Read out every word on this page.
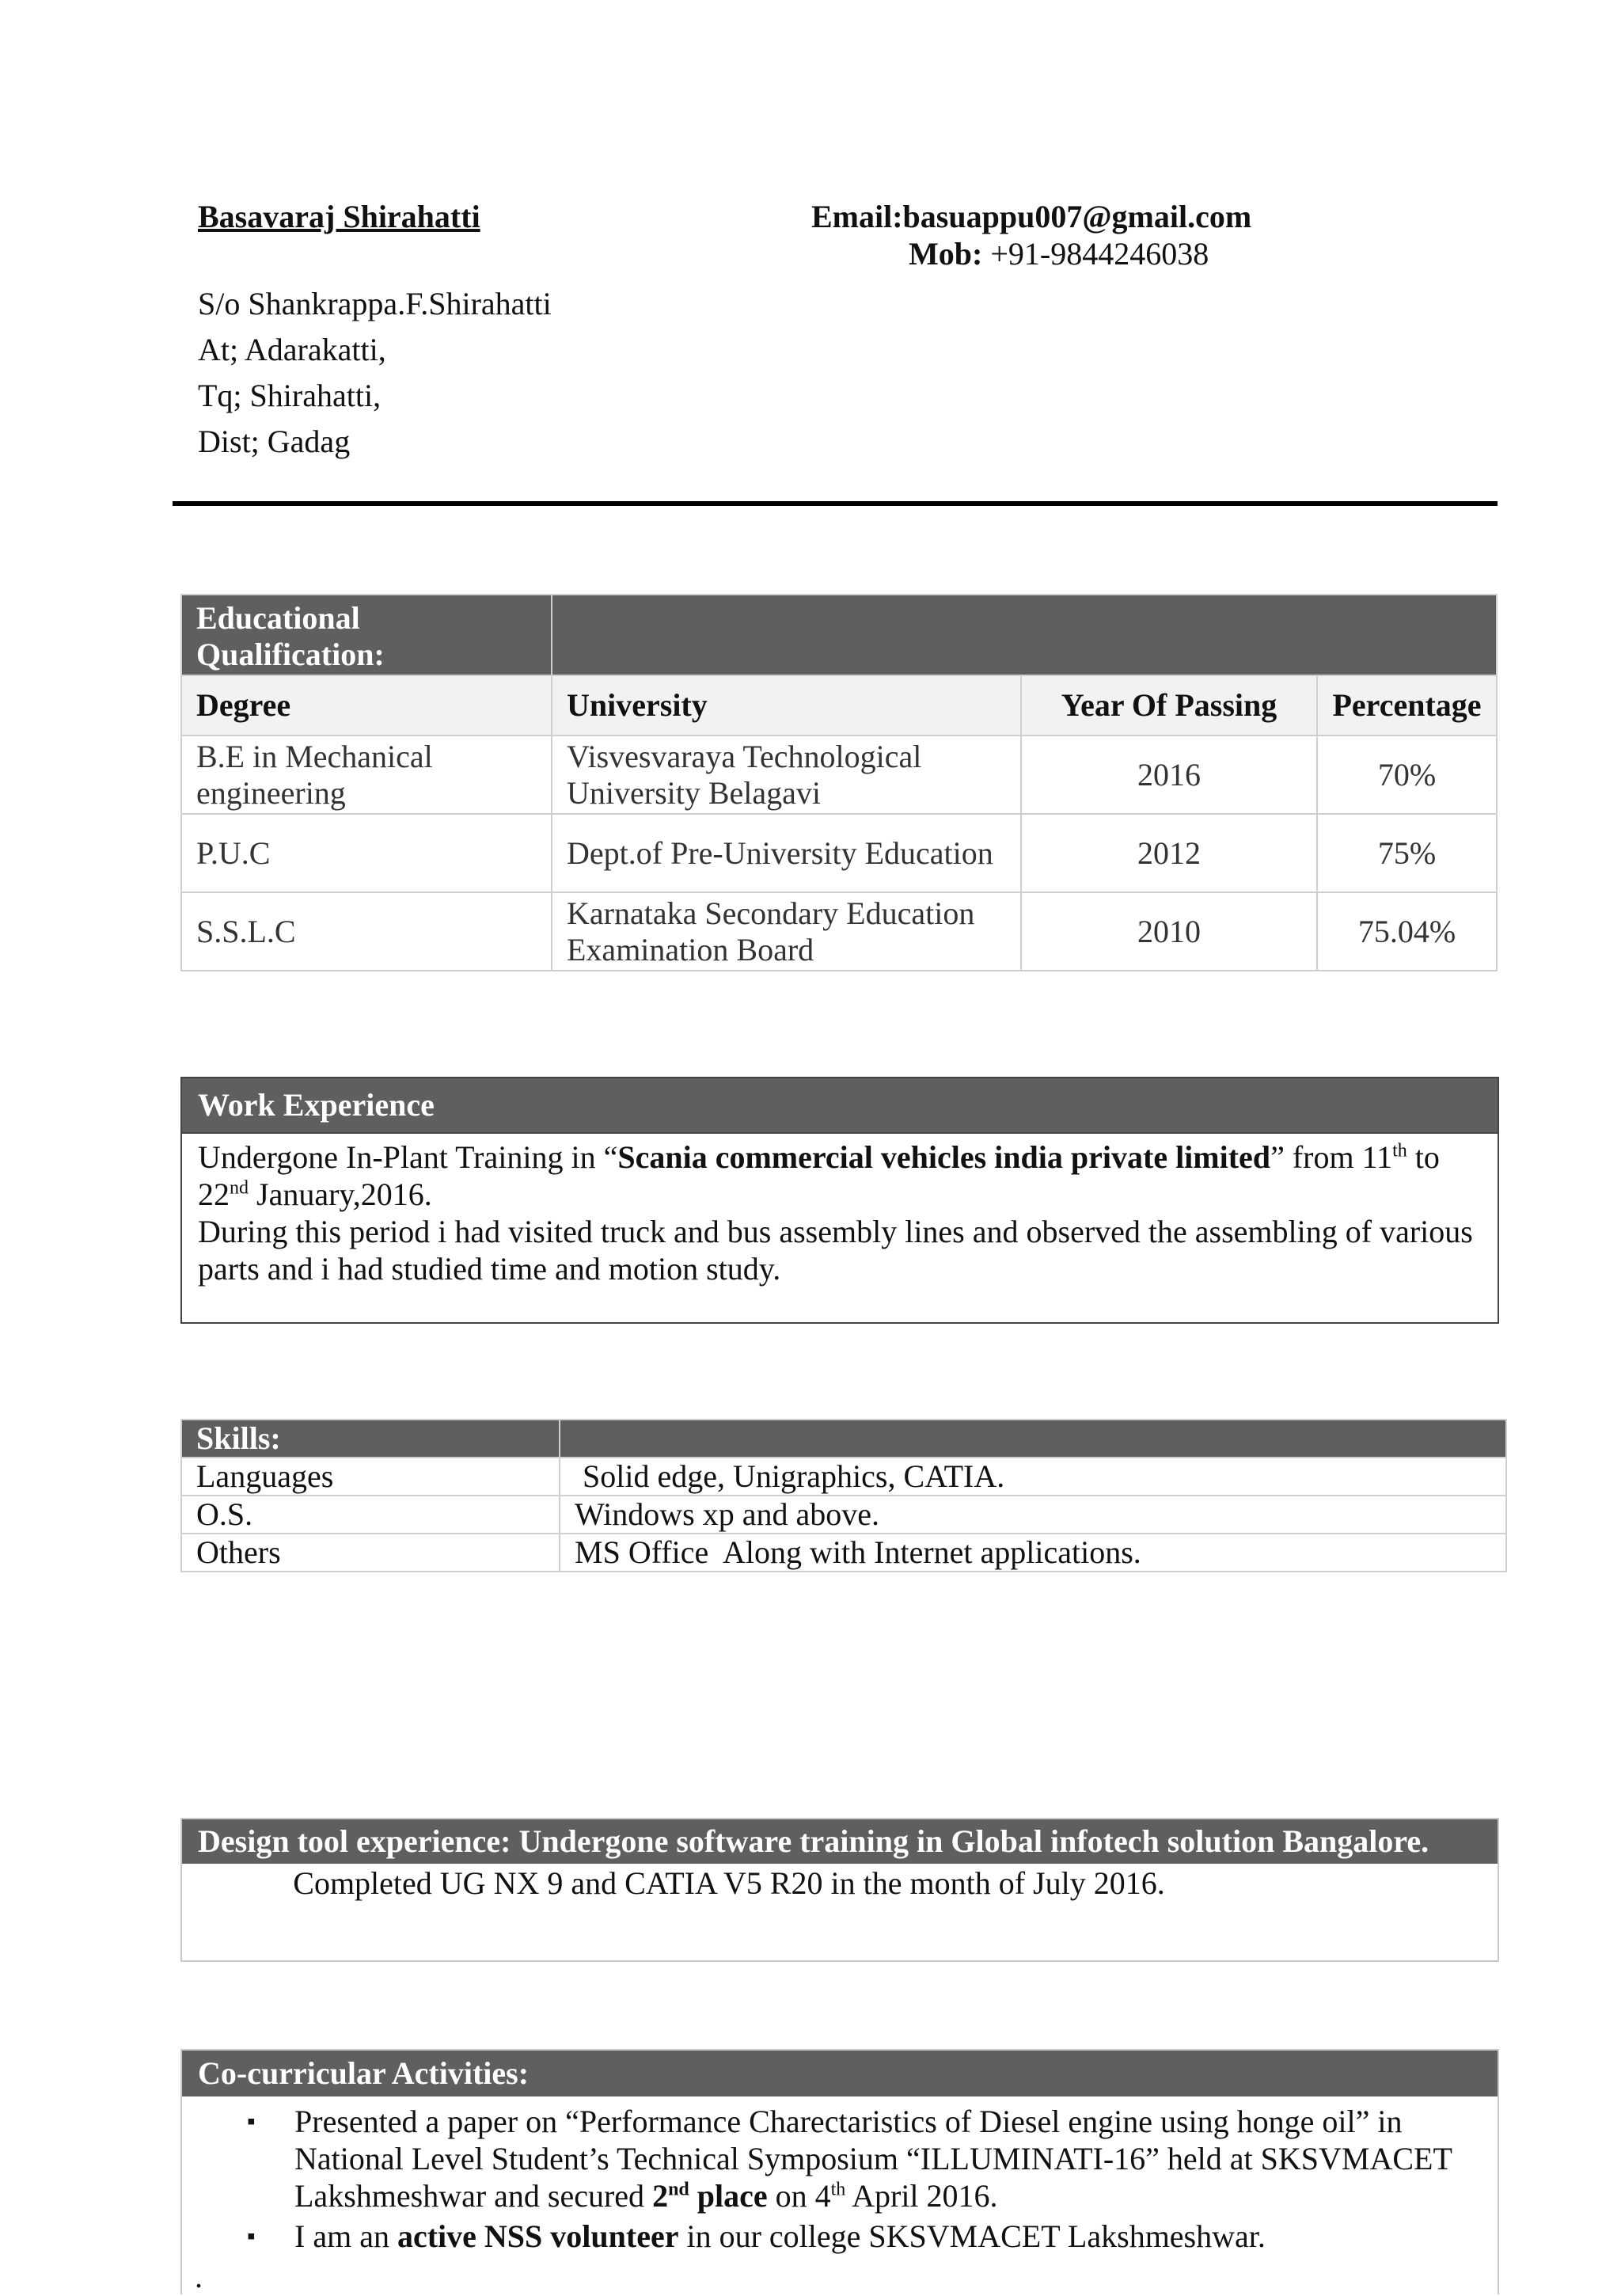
Basavaraj Shirahatti	Email:basuappu007@gmail.com
Mob: +91-9844246038
S/o Shankrappa.F.Shirahatti
At; Adarakatti,
Tq; Shirahatti,
Dist; Gadag
Educational Qualification:			
Degree	University	Year Of Passing	Percentage
B.E in Mechanical engineering	Visvesvaraya Technological University Belagavi	2016	70%
P.U.C	Dept.of Pre-University Education	2012	75%
S.S.L.C	Karnataka Secondary Education Examination Board	2010	75.04%
Work Experience
Undergone In-Plant Training in “Scania commercial vehicles india private limited” from 11th to 22nd January,2016.
During this period i had visited truck and bus assembly lines and observed the assembling of various parts and i had studied time and motion study.
Skills:	
Languages	Solid edge, Unigraphics, CATIA.
O.S.	Windows xp and above.
Others	MS Office  Along with Internet applications.
Design tool experience: Undergone software training in Global infotech solution Bangalore.
Completed UG NX 9 and CATIA V5 R20 in the month of July 2016.
Co-curricular Activities:
▪ Presented a paper on “Performance Charectaristics of Diesel engine using honge oil” in National Level Student’s Technical Symposium “ILLUMINATI-16” held at SKSVMACET Lakshmeshwar and secured 2nd place on 4th April 2016.
▪ I am an active NSS volunteer in our college SKSVMACET Lakshmeshwar.
.
